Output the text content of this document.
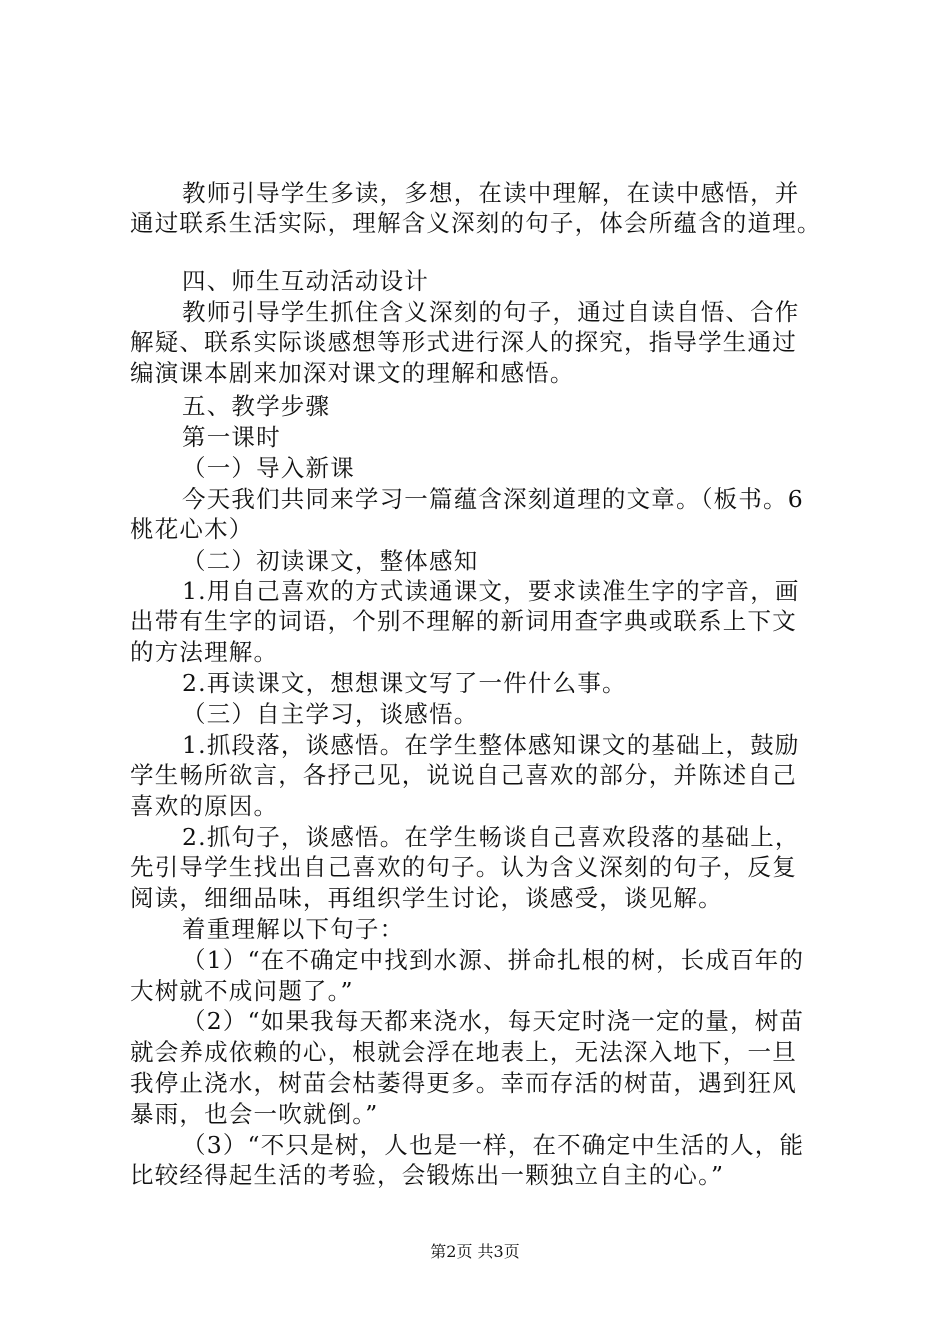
教师引导学生多读，多想，在读中理解，在读中感悟，并
通过联系生活实际，理解含义深刻的句子，体会所蕴含的道理。
四、师生互动活动设计
教师引导学生抓住含义深刻的句子，通过自读自悟、合作
解疑、联系实际谈感想等形式进行深人的探究，指导学生通过
编演课本剧来加深对课文的理解和感悟。
五、教学步骤
第一课时
（一）导入新课
今天我们共同来学习一篇蕴含深刻道理的文章。（板书。6
桃花心木）
（二）初读课文，整体感知
1.用自己喜欢的方式读通课文，要求读准生字的字音，画
出带有生字的词语，个别不理解的新词用查字典或联系上下文
的方法理解。
2.再读课文，想想课文写了一件什么事。
（三）自主学习，谈感悟。
1.抓段落，谈感悟。在学生整体感知课文的基础上，鼓励
学生畅所欲言，各抒己见，说说自己喜欢的部分，并陈述自己
喜欢的原因。
2.抓句子，谈感悟。在学生畅谈自己喜欢段落的基础上，
先引导学生找出自己喜欢的句子。认为含义深刻的句子，反复
阅读，细细品味，再组织学生讨论，谈感受，谈见解。
着重理解以下句子：
（1）“在不确定中找到水源、拼命扎根的树，长成百年的
大树就不成问题了。”
（2）“如果我每天都来浇水，每天定时浇一定的量，树苗
就会养成依赖的心，根就会浮在地表上，无法深入地下，一旦
我停止浇水，树苗会枯萎得更多。幸而存活的树苗，遇到狂风
暴雨，也会一吹就倒。”
（3）“不只是树，人也是一样，在不确定中生活的人，能
比较经得起生活的考验，会锻炼出一颗独立自主的心。”
第2页 共3页
